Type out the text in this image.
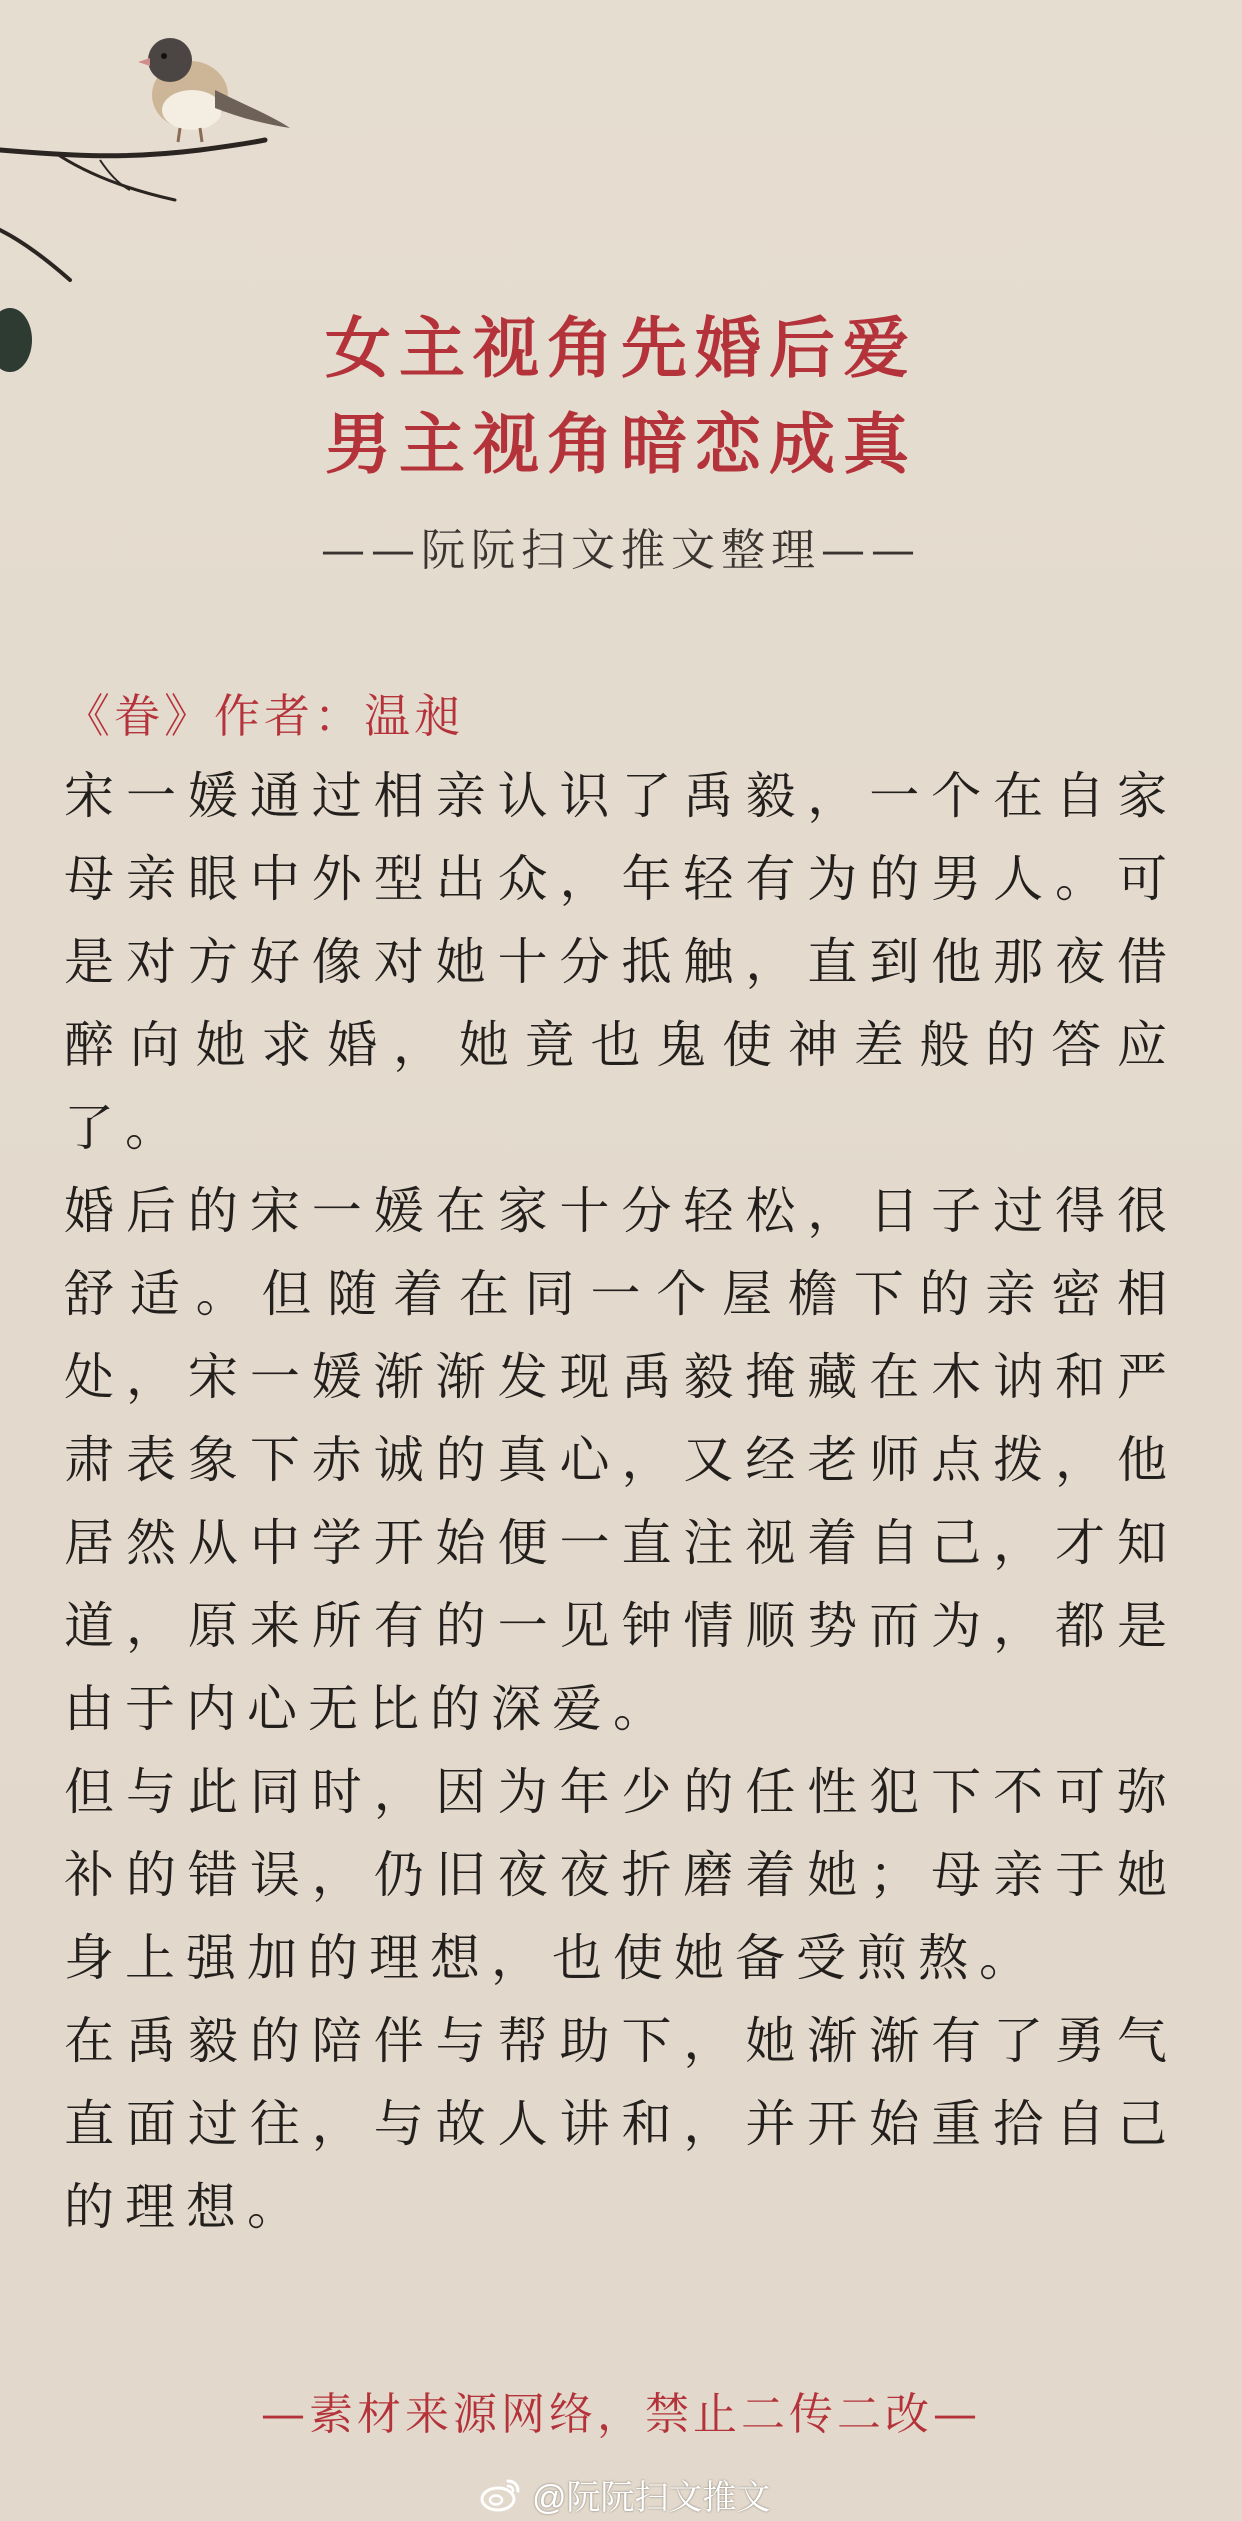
女主视角先婚后爱
男主视角暗恋成真
——阮阮扫文推文整理——
《眷》作者：温昶

宋一媛通过相亲认识了禹毅，一个在自家母亲眼中外型出众，年轻有为的男人。可是对方好像对她十分抵触，直到他那夜借醉向她求婚，她竟也鬼使神差般的答应了。

婚后的宋一媛在家十分轻松，日子过得很舒适。但随着在同一个屋檐下的亲密相处，宋一媛渐渐发现禹毅掩藏在木讷和严肃表象下赤诚的真心，又经老师点拨，他居然从中学开始便一直注视着自己，才知道，原来所有的一见钟情顺势而为，都是由于内心无比的深爱。

但与此同时，因为年少的任性犯下不可弥补的错误，仍旧夜夜折磨着她；母亲于她身上强加的理想，也使她备受煎熬。

在禹毅的陪伴与帮助下，她渐渐有了勇气直面过往，与故人讲和，并开始重拾自己的理想。

—素材来源网络，禁止二传二改—
@阮阮扫文推文
